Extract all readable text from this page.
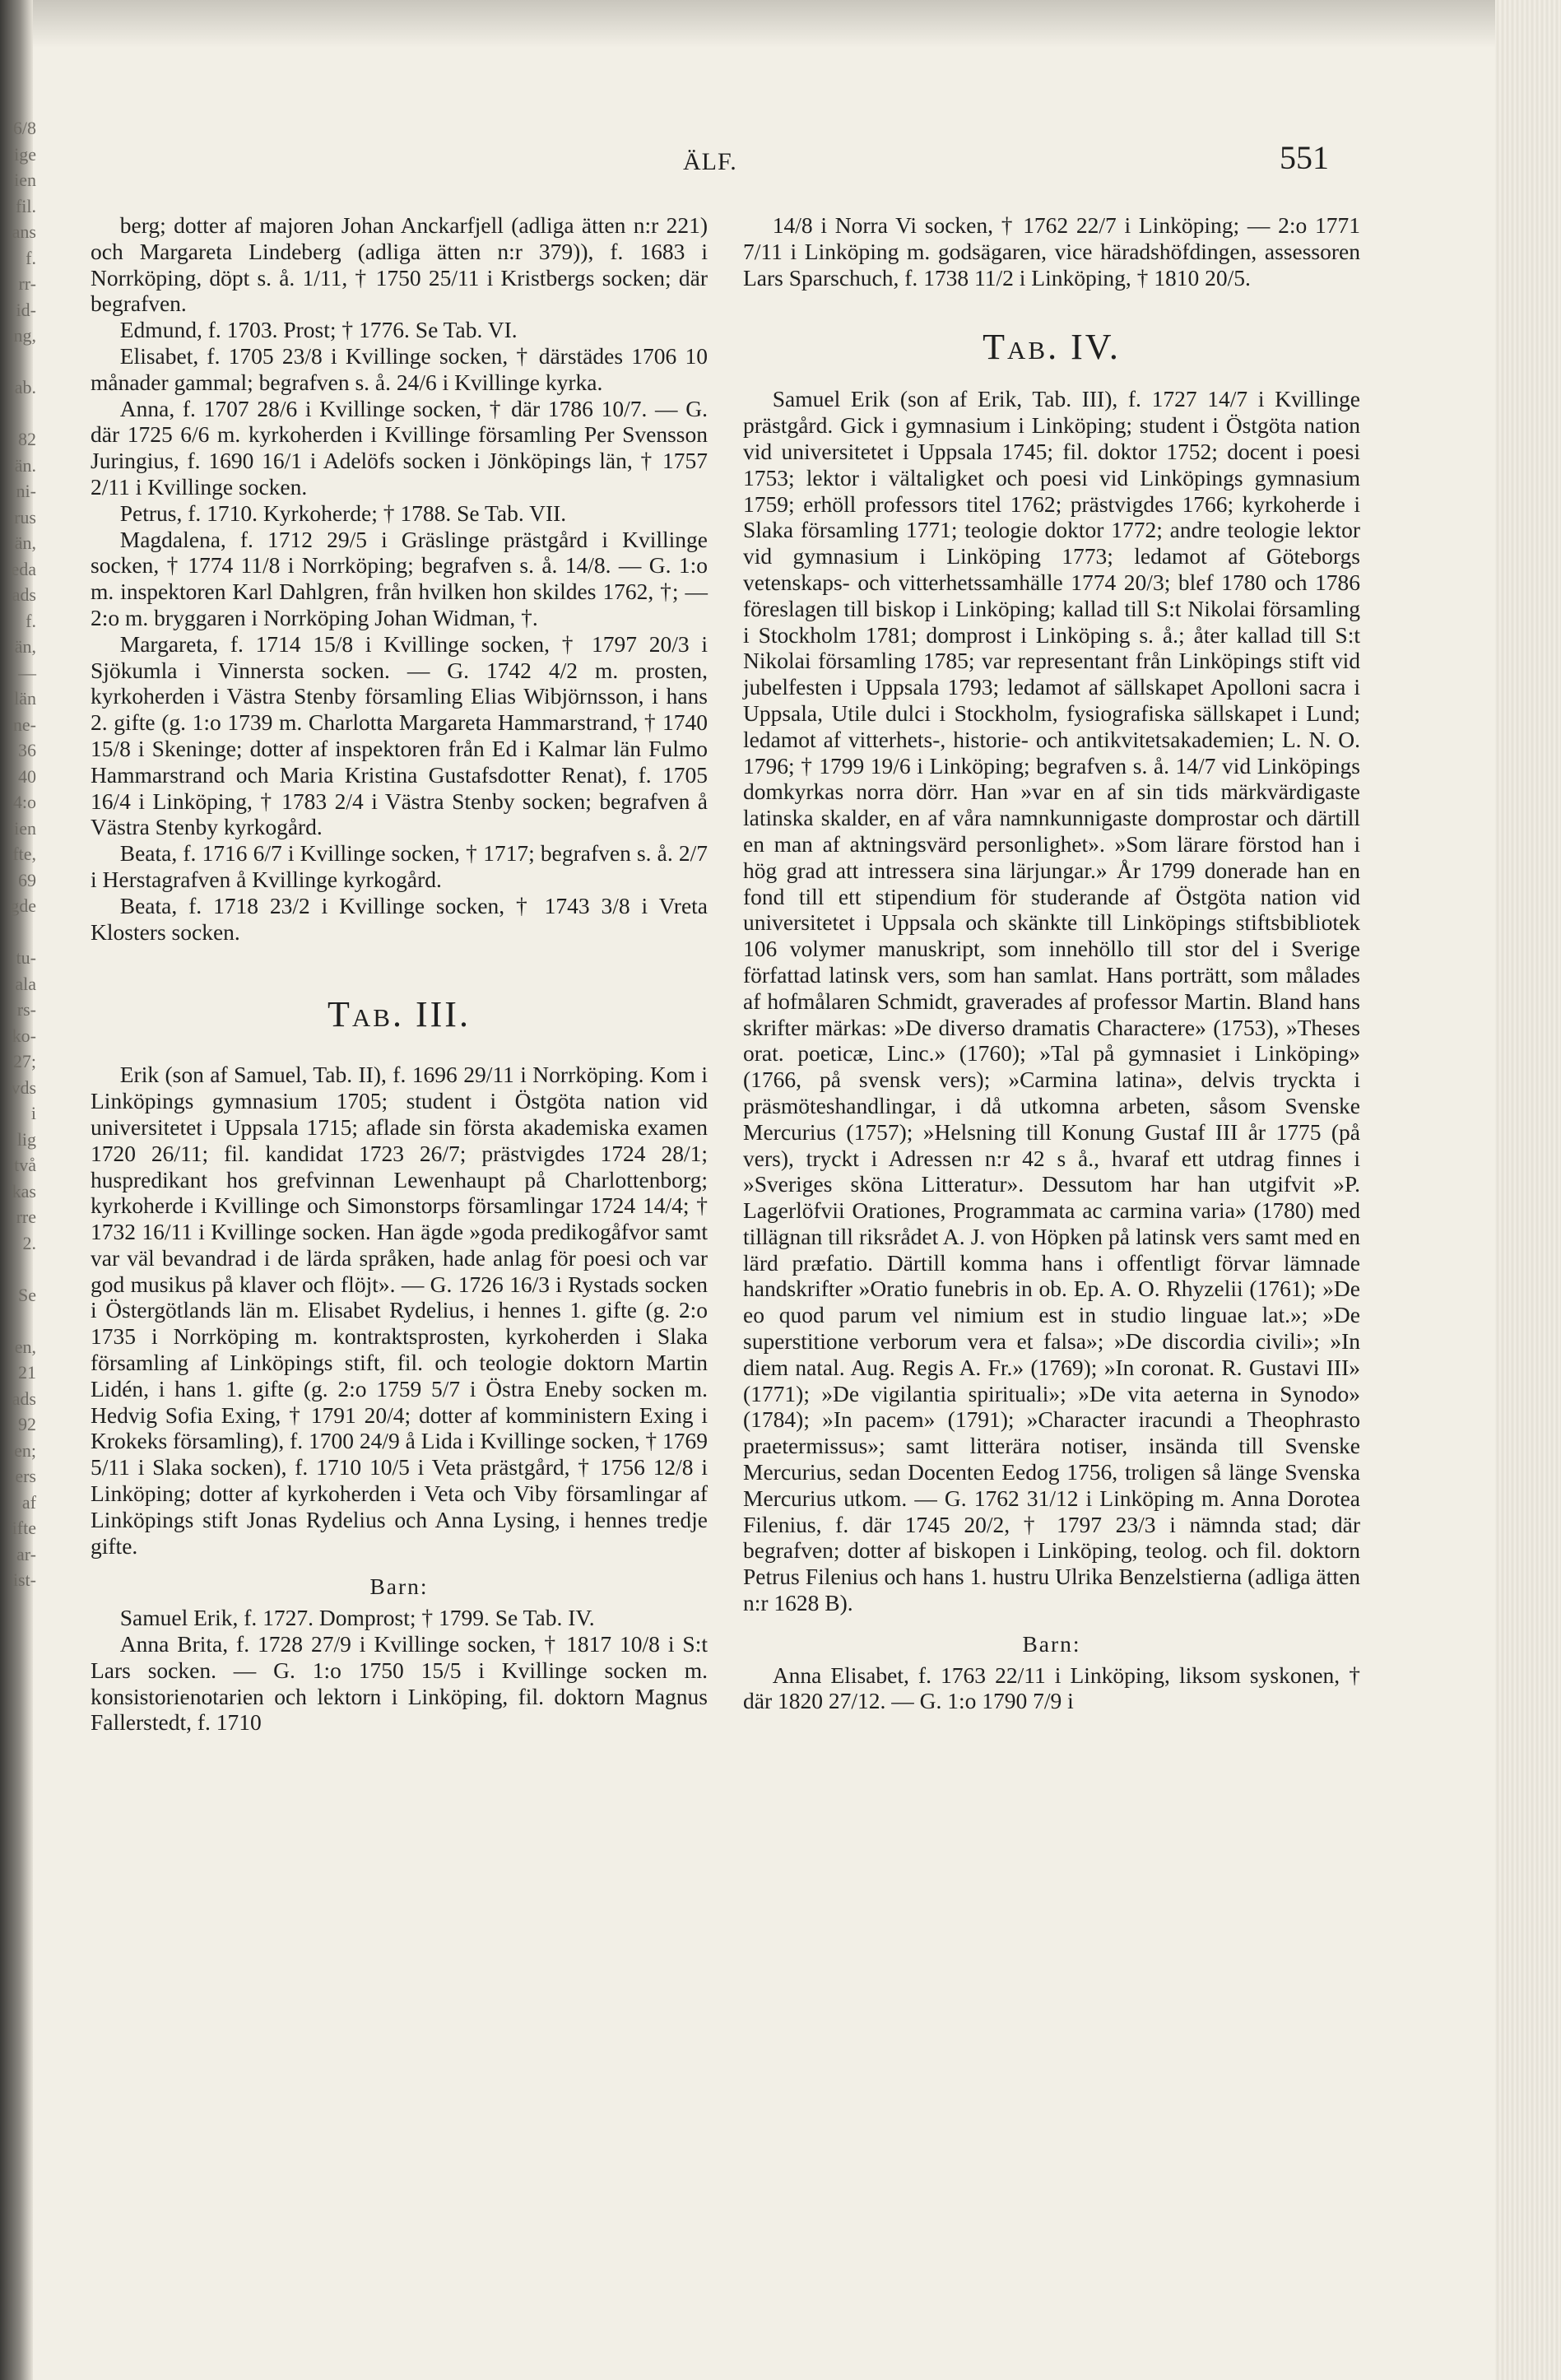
6/8
ige
ien
fil.
ans
f.
rr-
id-
ng,

ab.

82
än.
ni-
rus
än,
eda
ads
f.
än,
—
län
ne-
36
40
4:o
ien
fte,
69
gde

tu-
ala
rs-
ko-
27;
vds
i
lig
två
kas
rre
2.

Se

en,
21
ads
92
en;
ers
af
ifte
ar-
ist-
ÄLF.	551

berg; dotter af majoren Johan Anckarfjell (adliga ätten n:r 221) och Margareta Lindeberg (adliga ätten n:r 379)), f. 1683 i Norrköping, döpt s. å. 1/11, † 1750 25/11 i Kristbergs socken; där begrafven.

Edmund, f. 1703. Prost; † 1776. Se Tab. VI.

Elisabet, f. 1705 23/8 i Kvillinge socken, † därstädes 1706 10 månader gammal; begrafven s. å. 24/6 i Kvillinge kyrka.

Anna, f. 1707 28/6 i Kvillinge socken, † där 1786 10/7. — G. där 1725 6/6 m. kyrkoherden i Kvillinge församling Per Svensson Juringius, f. 1690 16/1 i Adelöfs socken i Jönköpings län, † 1757 2/11 i Kvillinge socken.

Petrus, f. 1710. Kyrkoherde; † 1788. Se Tab. VII.

Magdalena, f. 1712 29/5 i Gräslinge prästgård i Kvillinge socken, † 1774 11/8 i Norrköping; begrafven s. å. 14/8. — G. 1:o m. inspektoren Karl Dahlgren, från hvilken hon skildes 1762, †; — 2:o m. bryggaren i Norrköping Johan Widman, †.

Margareta, f. 1714 15/8 i Kvillinge socken, † 1797 20/3 i Sjökumla i Vinnersta socken. — G. 1742 4/2 m. prosten, kyrkoherden i Västra Stenby församling Elias Wibjörnsson, i hans 2. gifte (g. 1:o 1739 m. Charlotta Margareta Hammarstrand, † 1740 15/8 i Skeninge; dotter af inspektoren från Ed i Kalmar län Fulmo Hammarstrand och Maria Kristina Gustafsdotter Renat), f. 1705 16/4 i Linköping, † 1783 2/4 i Västra Stenby socken; begrafven å Västra Stenby kyrkogård.

Beata, f. 1716 6/7 i Kvillinge socken, † 1717; begrafven s. å. 2/7 i Herstagrafven å Kvillinge kyrkogård.

Beata, f. 1718 23/2 i Kvillinge socken, † 1743 3/8 i Vreta Klosters socken.

Tab. III.

Erik (son af Samuel, Tab. II), f. 1696 29/11 i Norrköping. Kom i Linköpings gymnasium 1705; student i Östgöta nation vid universitetet i Uppsala 1715; aflade sin första akademiska examen 1720 26/11; fil. kandidat 1723 26/7; prästvigdes 1724 28/1; huspredikant hos grefvinnan Lewenhaupt på Charlottenborg; kyrkoherde i Kvillinge och Simonstorps församlingar 1724 14/4; † 1732 16/11 i Kvillinge socken. Han ägde »goda predikogåfvor samt var väl bevandrad i de lärda språken, hade anlag för poesi och var god musikus på klaver och flöjt». — G. 1726 16/3 i Rystads socken i Östergötlands län m. Elisabet Rydelius, i hennes 1. gifte (g. 2:o 1735 i Norrköping m. kontraktsprosten, kyrkoherden i Slaka församling af Linköpings stift, fil. och teologie doktorn Martin Lidén, i hans 1. gifte (g. 2:o 1759 5/7 i Östra Eneby socken m. Hedvig Sofia Exing, † 1791 20/4; dotter af komministern Exing i Krokeks församling), f. 1700 24/9 å Lida i Kvillinge socken, † 1769 5/11 i Slaka socken), f. 1710 10/5 i Veta prästgård, † 1756 12/8 i Linköping; dotter af kyrkoherden i Veta och Viby församlingar af Linköpings stift Jonas Rydelius och Anna Lysing, i hennes tredje gifte.

Barn:

Samuel Erik, f. 1727. Domprost; † 1799. Se Tab. IV.

Anna Brita, f. 1728 27/9 i Kvillinge socken, † 1817 10/8 i S:t Lars socken. — G. 1:o 1750 15/5 i Kvillinge socken m. konsistorienotarien och lektorn i Linköping, fil. doktorn Magnus Fallerstedt, f. 1710

14/8 i Norra Vi socken, † 1762 22/7 i Linköping; — 2:o 1771 7/11 i Linköping m. godsägaren, vice häradshöfdingen, assessoren Lars Sparschuch, f. 1738 11/2 i Linköping, † 1810 20/5.

Tab. IV.

Samuel Erik (son af Erik, Tab. III), f. 1727 14/7 i Kvillinge prästgård. Gick i gymnasium i Linköping; student i Östgöta nation vid universitetet i Uppsala 1745; fil. doktor 1752; docent i poesi 1753; lektor i vältaligket och poesi vid Linköpings gymnasium 1759; erhöll professors titel 1762; prästvigdes 1766; kyrkoherde i Slaka församling 1771; teologie doktor 1772; andre teologie lektor vid gymnasium i Linköping 1773; ledamot af Göteborgs vetenskaps- och vitterhetssamhälle 1774 20/3; blef 1780 och 1786 föreslagen till biskop i Linköping; kallad till S:t Nikolai församling i Stockholm 1781; domprost i Linköping s. å.; åter kallad till S:t Nikolai församling 1785; var representant från Linköpings stift vid jubelfesten i Uppsala 1793; ledamot af sällskapet Apolloni sacra i Uppsala, Utile dulci i Stockholm, fysiografiska sällskapet i Lund; ledamot af vitterhets-, historie- och antikvitetsakademien; L. N. O. 1796; † 1799 19/6 i Linköping; begrafven s. å. 14/7 vid Linköpings domkyrkas norra dörr. Han »var en af sin tids märkvärdigaste latinska skalder, en af våra namnkunnigaste domprostar och därtill en man af aktningsvärd personlighet». »Som lärare förstod han i hög grad att intressera sina lärjungar.» År 1799 donerade han en fond till ett stipendium för studerande af Östgöta nation vid universitetet i Uppsala och skänkte till Linköpings stiftsbibliotek 106 volymer manuskript, som innehöllo till stor del i Sverige författad latinsk vers, som han samlat. Hans porträtt, som målades af hofmålaren Schmidt, graverades af professor Martin. Bland hans skrifter märkas: »De diverso dramatis Charactere» (1753), »Theses orat. poeticæ, Linc.» (1760); »Tal på gymnasiet i Linköping» (1766, på svensk vers); »Carmina latina», delvis tryckta i präsmöteshandlingar, i då utkomna arbeten, såsom Svenske Mercurius (1757); »Helsning till Konung Gustaf III år 1775 (på vers), tryckt i Adressen n:r 42 s å., hvaraf ett utdrag finnes i »Sveriges sköna Litteratur». Dessutom har han utgifvit »P. Lagerlöfvii Orationes, Programmata ac carmina varia» (1780) med tillägnan till riksrådet A. J. von Höpken på latinsk vers samt med en lärd præfatio. Därtill komma hans i offentligt förvar lämnade handskrifter »Oratio funebris in ob. Ep. A. O. Rhyzelii (1761); »De eo quod parum vel nimium est in studio linguae lat.»; »De superstitione verborum vera et falsa»; »De discordia civili»; »In diem natal. Aug. Regis A. Fr.» (1769); »In coronat. R. Gustavi III» (1771); »De vigilantia spirituali»; »De vita aeterna in Synodo» (1784); »In pacem» (1791); »Character iracundi a Theophrasto praetermissus»; samt litterära notiser, insända till Svenske Mercurius, sedan Docenten Eedog 1756, troligen så länge Svenska Mercurius utkom. — G. 1762 31/12 i Linköping m. Anna Dorotea Filenius, f. där 1745 20/2, † 1797 23/3 i nämnda stad; där begrafven; dotter af biskopen i Linköping, teolog. och fil. doktorn Petrus Filenius och hans 1. hustru Ulrika Benzelstierna (adliga ätten n:r 1628 B).

Barn:

Anna Elisabet, f. 1763 22/11 i Linköping, liksom syskonen, † där 1820 27/12. — G. 1:o 1790 7/9 i
